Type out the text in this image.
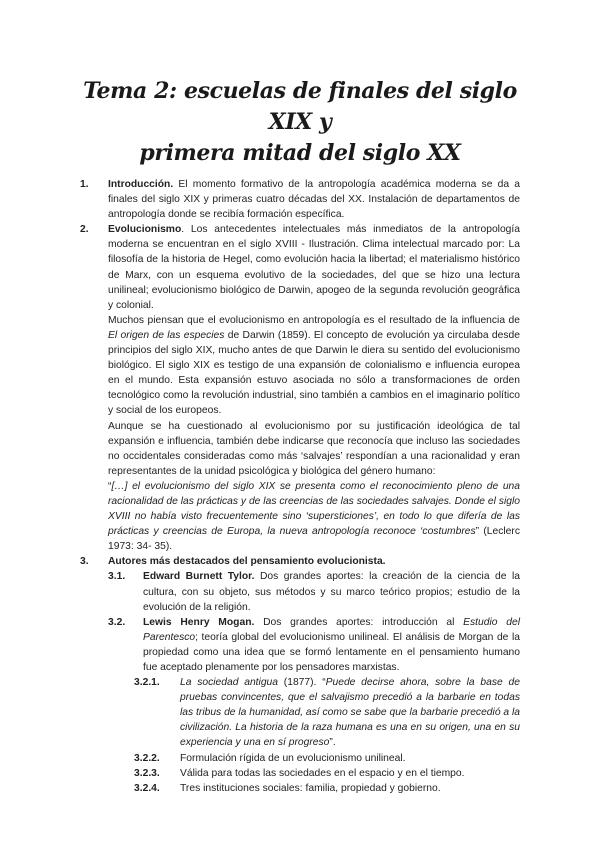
Tema 2: escuelas de finales del siglo XIX y
primera mitad del siglo XX
1. Introducción. El momento formativo de la antropología académica moderna se da a finales del siglo XIX y primeras cuatro décadas del XX. Instalación de departamentos de antropología donde se recibía formación específica.

2. Evolucionismo. Los antecedentes intelectuales más inmediatos de la antropología moderna se encuentran en el siglo XVIII - Ilustración. Clima intelectual marcado por: La filosofía de la historia de Hegel, como evolución hacia la libertad; el materialismo histórico de Marx, con un esquema evolutivo de la sociedades, del que se hizo una lectura unilineal; evolucionismo biológico de Darwin, apogeo de la segunda revolución geográfica y colonial.

Muchos piensan que el evolucionismo en antropología es el resultado de la influencia de El origen de las especies de Darwin (1859). El concepto de evolución ya circulaba desde principios del siglo XIX, mucho antes de que Darwin le diera su sentido del evolucionismo biológico. El siglo XIX es testigo de una expansión de colonialismo e influencia europea en el mundo. Esta expansión estuvo asociada no sólo a transformaciones de orden tecnológico como la revolución industrial, sino también a cambios en el imaginario político y social de los europeos.

Aunque se ha cuestionado al evolucionismo por su justificación ideológica de tal expansión e influencia, también debe indicarse que reconocía que incluso las sociedades no occidentales consideradas como más ‘salvajes’ respondían a una racionalidad y eran representantes de la unidad psicológica y biológica del género humano:

“[…] el evolucionismo del siglo XIX se presenta como el reconocimiento pleno de una racionalidad de las prácticas y de las creencias de las sociedades salvajes. Donde el siglo XVIII no había visto frecuentemente sino ‘supersticiones’, en todo lo que difería de las prácticas y creencias de Europa, la nueva antropología reconoce ‘costumbres” (Leclerc 1973: 34- 35).

3. Autores más destacados del pensamiento evolucionista.

3.1. Edward Burnett Tylor. Dos grandes aportes: la creación de la ciencia de la cultura, con su objeto, sus métodos y su marco teórico propios; estudio de la evolución de la religión.

3.2. Lewis Henry Mogan. Dos grandes aportes: introducción al Estudio del Parentesco; teoría global del evolucionismo unilineal. El análisis de Morgan de la propiedad como una idea que se formó lentamente en el pensamiento humano fue aceptado plenamente por los pensadores marxistas.

3.2.1. La sociedad antigua (1877). “Puede decirse ahora, sobre la base de pruebas convincentes, que el salvajismo precedió a la barbarie en todas las tribus de la humanidad, así como se sabe que la barbarie precedió a la civilización. La historia de la raza humana es una en su origen, una en su experiencia y una en sí progreso”.

3.2.2. Formulación rígida de un evolucionismo unilineal.

3.2.3. Válida para todas las sociedades en el espacio y en el tiempo.

3.2.4. Tres instituciones sociales: familia, propiedad y gobierno.
